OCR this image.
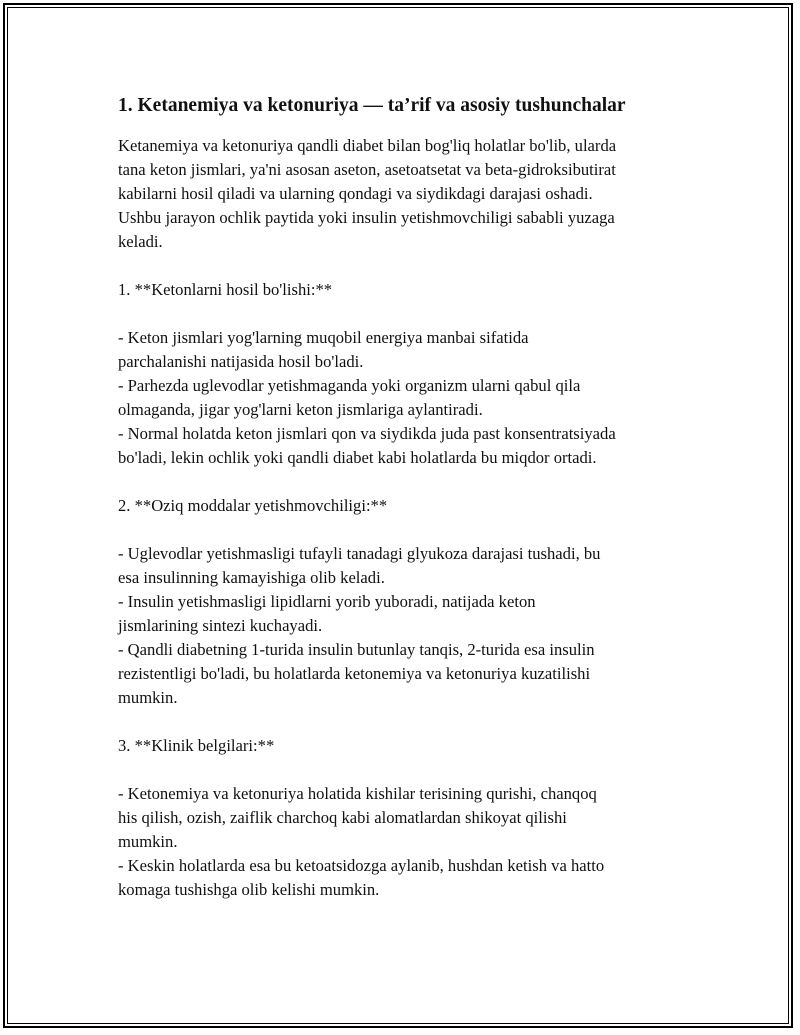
1. Ketanemiya va ketonuriya — ta’rif va asosiy tushunchalar

Ketanemiya va ketonuriya qandli diabet bilan bog'liq holatlar bo'lib, ularda
tana keton jismlari, ya'ni asosan aseton, asetoatsetat va beta-gidroksibutirat
kabilarni hosil qiladi va ularning qondagi va siydikdagi darajasi oshadi.
Ushbu jarayon ochlik paytida yoki insulin yetishmovchiligi sababli yuzaga
keladi.

1. **Ketonlarni hosil bo'lishi:**

- Keton jismlari yog'larning muqobil energiya manbai sifatida
parchalanishi natijasida hosil bo'ladi.
- Parhezda uglevodlar yetishmaganda yoki organizm ularni qabul qila
olmaganda, jigar yog'larni keton jismlariga aylantiradi.
- Normal holatda keton jismlari qon va siydikda juda past konsentratsiyada
bo'ladi, lekin ochlik yoki qandli diabet kabi holatlarda bu miqdor ortadi.

2. **Oziq moddalar yetishmovchiligi:**

- Uglevodlar yetishmasligi tufayli tanadagi glyukoza darajasi tushadi, bu
esa insulinning kamayishiga olib keladi.
- Insulin yetishmasligi lipidlarni yorib yuboradi, natijada keton
jismlarining sintezi kuchayadi.
- Qandli diabetning 1-turida insulin butunlay tanqis, 2-turida esa insulin
rezistentligi bo'ladi, bu holatlarda ketonemiya va ketonuriya kuzatilishi
mumkin.

3. **Klinik belgilari:**

- Ketonemiya va ketonuriya holatida kishilar terisining qurishi, chanqoq
his qilish, ozish, zaiflik charchoq kabi alomatlardan shikoyat qilishi
mumkin.
- Keskin holatlarda esa bu ketoatsidozga aylanib, hushdan ketish va hatto
komaga tushishga olib kelishi mumkin.
